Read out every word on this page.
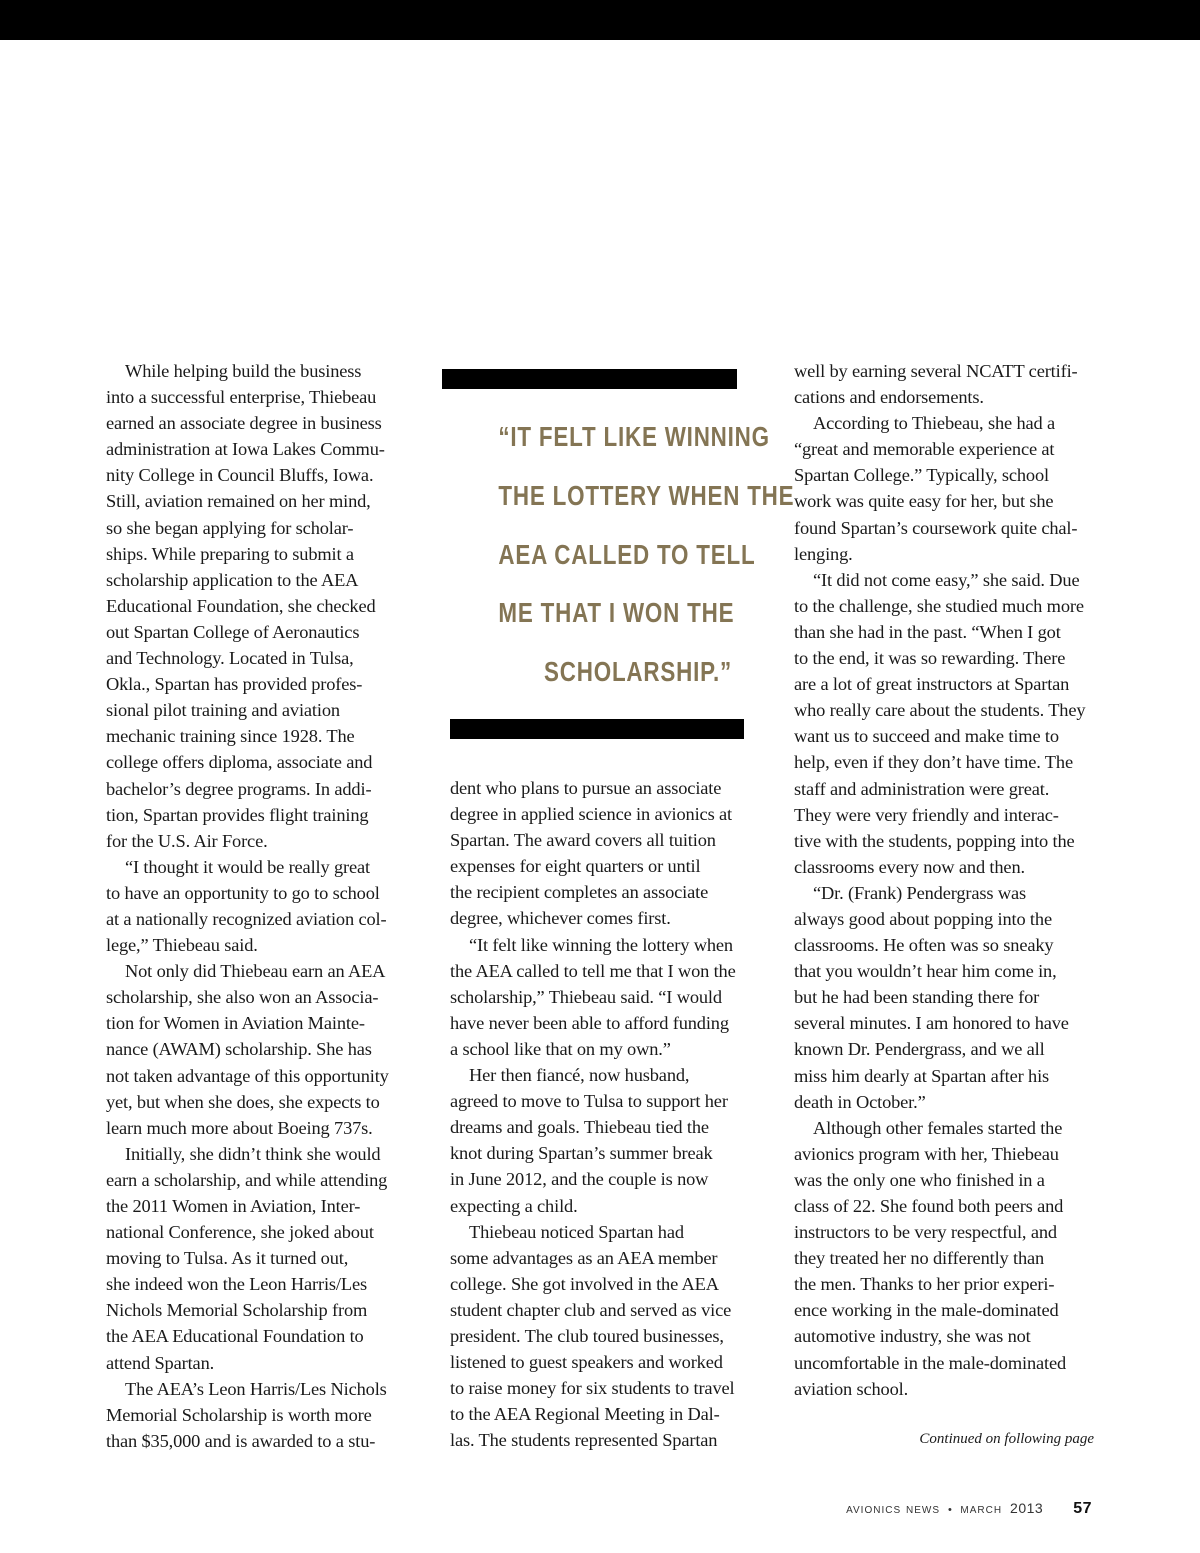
While helping build the business
into a successful enterprise, Thiebeau
earned an associate degree in business
administration at Iowa Lakes Commu-
nity College in Council Bluffs, Iowa.
Still, aviation remained on her mind,
so she began applying for scholar-
ships. While preparing to submit a
scholarship application to the AEA
Educational Foundation, she checked
out Spartan College of Aeronautics
and Technology. Located in Tulsa,
Okla., Spartan has provided profes-
sional pilot training and aviation
mechanic training since 1928. The
college offers diploma, associate and
bachelor’s degree programs. In addi-
tion, Spartan provides flight training
for the U.S. Air Force.
“I thought it would be really great
to have an opportunity to go to school
at a nationally recognized aviation col-
lege,” Thiebeau said.
Not only did Thiebeau earn an AEA
scholarship, she also won an Associa-
tion for Women in Aviation Mainte-
nance (AWAM) scholarship. She has
not taken advantage of this opportunity
yet, but when she does, she expects to
learn much more about Boeing 737s.
Initially, she didn’t think she would
earn a scholarship, and while attending
the 2011 Women in Aviation, Inter-
national Conference, she joked about
moving to Tulsa. As it turned out,
she indeed won the Leon Harris/Les
Nichols Memorial Scholarship from
the AEA Educational Foundation to
attend Spartan.
The AEA’s Leon Harris/Les Nichols
Memorial Scholarship is worth more
than $35,000 and is awarded to a stu-
“IT FELT LIKE WINNING
THE LOTTERY WHEN THE
AEA CALLED TO TELL
ME THAT I WON THE
SCHOLARSHIP.”
dent who plans to pursue an associate
degree in applied science in avionics at
Spartan. The award covers all tuition
expenses for eight quarters or until
the recipient completes an associate
degree, whichever comes first.
“It felt like winning the lottery when
the AEA called to tell me that I won the
scholarship,” Thiebeau said. “I would
have never been able to afford funding
a school like that on my own.”
Her then fiancé, now husband,
agreed to move to Tulsa to support her
dreams and goals. Thiebeau tied the
knot during Spartan’s summer break
in June 2012, and the couple is now
expecting a child.
Thiebeau noticed Spartan had
some advantages as an AEA member
college. She got involved in the AEA
student chapter club and served as vice
president. The club toured businesses,
listened to guest speakers and worked
to raise money for six students to travel
to the AEA Regional Meeting in Dal-
las. The students represented Spartan
well by earning several NCATT certifi-
cations and endorsements.
According to Thiebeau, she had a
“great and memorable experience at
Spartan College.” Typically, school
work was quite easy for her, but she
found Spartan’s coursework quite chal-
lenging.
“It did not come easy,” she said. Due
to the challenge, she studied much more
than she had in the past. “When I got
to the end, it was so rewarding. There
are a lot of great instructors at Spartan
who really care about the students. They
want us to succeed and make time to
help, even if they don’t have time. The
staff and administration were great.
They were very friendly and interac-
tive with the students, popping into the
classrooms every now and then.
“Dr. (Frank) Pendergrass was
always good about popping into the
classrooms. He often was so sneaky
that you wouldn’t hear him come in,
but he had been standing there for
several minutes. I am honored to have
known Dr. Pendergrass, and we all
miss him dearly at Spartan after his
death in October.”
Although other females started the
avionics program with her, Thiebeau
was the only one who finished in a
class of 22. She found both peers and
instructors to be very respectful, and
they treated her no differently than
the men. Thanks to her prior experi-
ence working in the male-dominated
automotive industry, she was not
uncomfortable in the male-dominated
aviation school.
Continued on following page
avionics news • march 2013 57
